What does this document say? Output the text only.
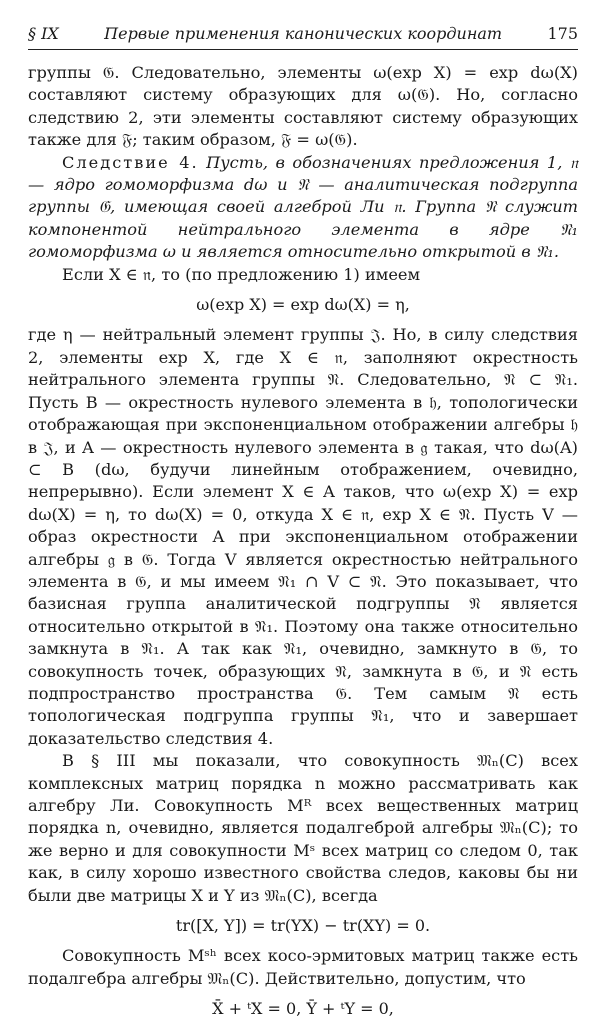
§ IX	Первые применения канонических координат	175

группы 𝔊. Следовательно, элементы ω(exp X) = exp dω(X) составляют систему образующих для ω(𝔊). Но, согласно следствию 2, эти элементы составляют систему образующих также для 𝔉; таким образом, 𝔉 = ω(𝔊).

Следствие 4. Пусть, в обозначениях предложения 1, 𝔫 — ядро гомоморфизма dω и 𝔑 — аналитическая подгруппа группы 𝔊, имеющая своей алгеброй Ли 𝔫. Группа 𝔑 служит компонентой нейтрального элемента в ядре 𝔑₁ гомоморфизма ω и является относительно открытой в 𝔑₁.

Если X ∈ 𝔫, то (по предложению 1) имеем

ω(exp X) = exp dω(X) = η,

где η — нейтральный элемент группы 𝔍. Но, в силу следствия 2, элементы exp X, где X ∈ 𝔫, заполняют окрестность нейтрального элемента группы 𝔑. Следовательно, 𝔑 ⊂ 𝔑₁. Пусть B — окрестность нулевого элемента в 𝔥, топологически отображающая при экспоненциальном отображении алгебры 𝔥 в 𝔍, и A — окрестность нулевого элемента в 𝔤 такая, что dω(A) ⊂ B (dω, будучи линейным отображением, очевидно, непрерывно). Если элемент X ∈ A таков, что ω(exp X) = exp dω(X) = η, то dω(X) = 0, откуда X ∈ 𝔫, exp X ∈ 𝔑. Пусть V — образ окрестности A при экспоненциальном отображении алгебры 𝔤 в 𝔊. Тогда V является окрестностью нейтрального элемента в 𝔊, и мы имеем 𝔑₁ ∩ V ⊂ 𝔑. Это показывает, что базисная группа аналитической подгруппы 𝔑 является относительно открытой в 𝔑₁. Поэтому она также относительно замкнута в 𝔑₁. А так как 𝔑₁, очевидно, замкнуто в 𝔊, то совокупность точек, образующих 𝔑, замкнута в 𝔊, и 𝔑 есть подпространство пространства 𝔊. Тем самым 𝔑 есть топологическая подгруппа группы 𝔑₁, что и завершает доказательство следствия 4.

В § III мы показали, что совокупность 𝔐ₙ(C) всех комплексных матриц порядка n можно рассматривать как алгебру Ли. Совокупность Mᴿ всех вещественных матриц порядка n, очевидно, является подалгеброй алгебры 𝔐ₙ(C); то же верно и для совокупности Mˢ всех матриц со следом 0, так как, в силу хорошо известного свойства следов, каковы бы ни были две матрицы X и Y из 𝔐ₙ(C), всегда

tr([X, Y]) = tr(YX) − tr(XY) = 0.

Совокупность Mˢʰ всех косо-эрмитовых матриц также есть подалгебра алгебры 𝔐ₙ(C). Действительно, допустим, что

X̄ + ᵗX = 0, Ȳ + ᵗY = 0,
